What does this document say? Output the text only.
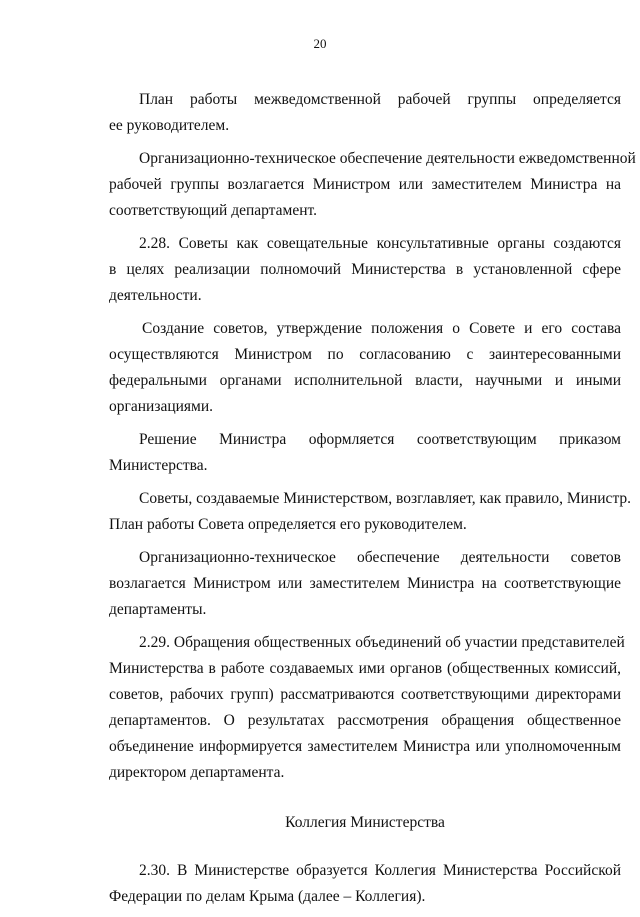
20
План работы межведомственной рабочей группы определяется
ее руководителем.
Организационно-техническое обеспечение деятельности ежведомственной
рабочей группы возлагается Министром или заместителем Министра на
соответствующий департамент.
2.28. Советы как совещательные консультативные органы создаются
в целях реализации полномочий Министерства в установленной сфере
деятельности.
Создание советов, утверждение положения о Совете и его состава
осуществляются Министром по согласованию с заинтересованными
федеральными органами исполнительной власти, научными и иными
организациями.
Решение Министра оформляется соответствующим приказом
Министерства.
Советы, создаваемые Министерством, возглавляет, как правило, Министр.
План работы Совета определяется его руководителем.
Организационно-техническое обеспечение деятельности советов
возлагается Министром или заместителем Министра на соответствующие
департаменты.
2.29. Обращения общественных объединений об участии представителей
Министерства в работе создаваемых ими органов (общественных комиссий,
советов, рабочих групп) рассматриваются соответствующими директорами
департаментов. О результатах рассмотрения обращения общественное
объединение информируется заместителем Министра или уполномоченным
директором департамента.
Коллегия Министерства
2.30. В Министерстве образуется Коллегия Министерства Российской
Федерации по делам Крыма (далее – Коллегия).
